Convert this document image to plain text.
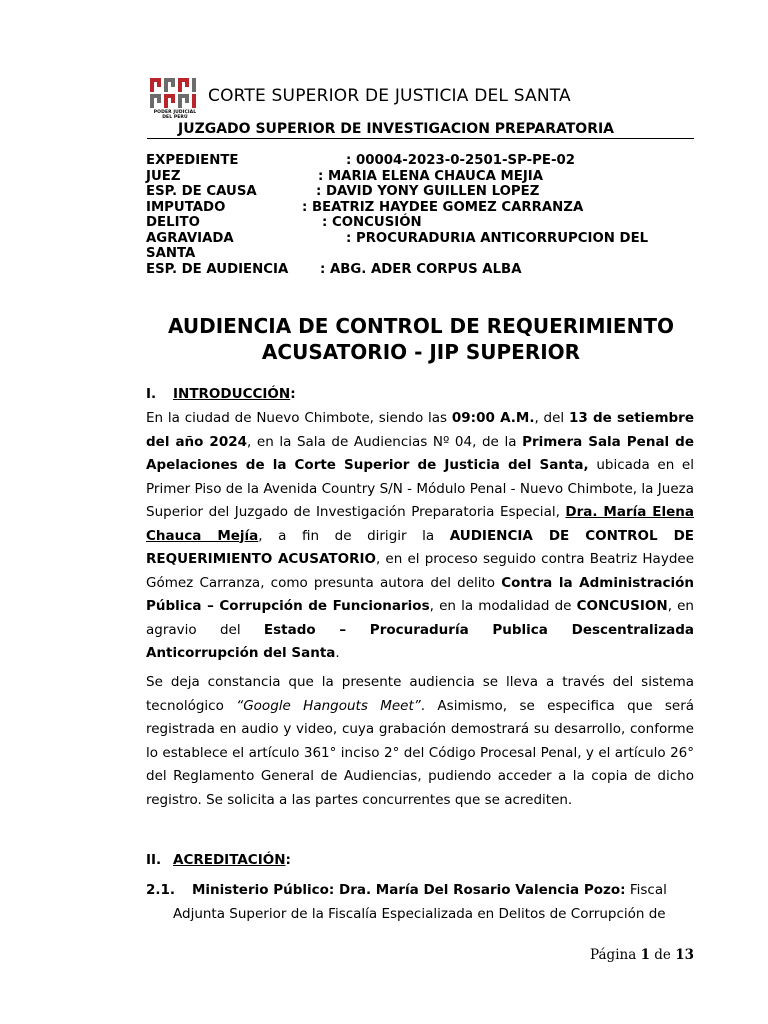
PODER JUDICIAL
DEL PERÚ
CORTE SUPERIOR DE JUSTICIA DEL SANTA
JUZGADO SUPERIOR DE INVESTIGACION PREPARATORIA
EXPEDIENTE	: 00004-2023-0-2501-SP-PE-02
JUEZ	: MARIA ELENA CHAUCA MEJIA
ESP. DE CAUSA	: DAVID YONY GUILLEN LOPEZ
IMPUTADO	: BEATRIZ HAYDEE GOMEZ CARRANZA
DELITO	: CONCUSIÓN
AGRAVIADA	: PROCURADURIA ANTICORRUPCION DEL
SANTA
ESP. DE AUDIENCIA : ABG. ADER CORPUS ALBA
AUDIENCIA DE CONTROL DE REQUERIMIENTO
ACUSATORIO - JIP SUPERIOR
I. INTRODUCCIÓN:
En la ciudad de Nuevo Chimbote, siendo las 09:00 A.M., del 13 de setiembre del año 2024, en la Sala de Audiencias Nº 04, de la Primera Sala Penal de Apelaciones de la Corte Superior de Justicia del Santa, ubicada en el Primer Piso de la Avenida Country S/N - Módulo Penal - Nuevo Chimbote, la Jueza Superior del Juzgado de Investigación Preparatoria Especial, Dra. María Elena Chauca Mejía, a fin de dirigir la AUDIENCIA DE CONTROL DE REQUERIMIENTO ACUSATORIO, en el proceso seguido contra Beatriz Haydee Gómez Carranza, como presunta autora del delito Contra la Administración Pública – Corrupción de Funcionarios, en la modalidad de CONCUSION, en agravio del Estado – Procuraduría Publica Descentralizada Anticorrupción del Santa.
Se deja constancia que la presente audiencia se lleva a través del sistema tecnológico “Google Hangouts Meet”. Asimismo, se especifica que será registrada en audio y video, cuya grabación demostrará su desarrollo, conforme lo establece el artículo 361° inciso 2° del Código Procesal Penal, y el artículo 26° del Reglamento General de Audiencias, pudiendo acceder a la copia de dicho registro. Se solicita a las partes concurrentes que se acrediten.
II. ACREDITACIÓN:
2.1. Ministerio Público: Dra. María Del Rosario Valencia Pozo: Fiscal
Adjunta Superior de la Fiscalía Especializada en Delitos de Corrupción de
Página 1 de 13
